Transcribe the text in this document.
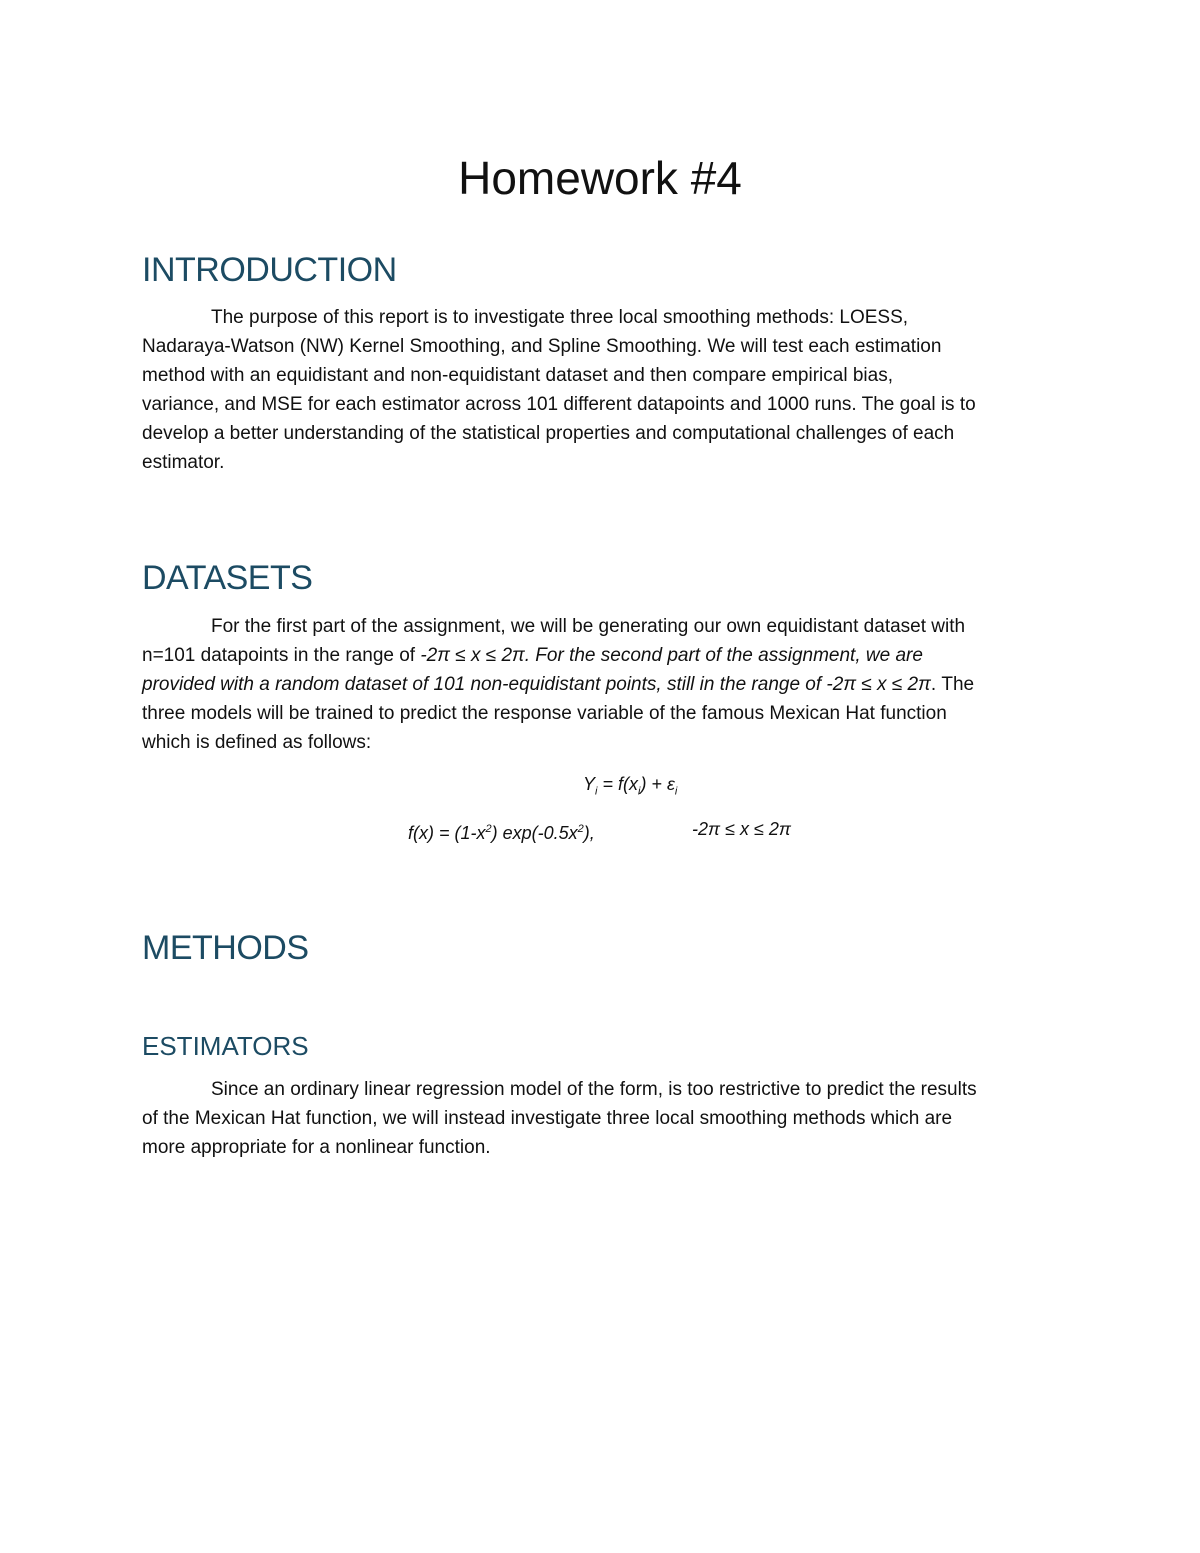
Homework #4
INTRODUCTION
The purpose of this report is to investigate three local smoothing methods: LOESS,
Nadaraya-Watson (NW) Kernel Smoothing, and Spline Smoothing. We will test each estimation
method with an equidistant and non-equidistant dataset and then compare empirical bias,
variance, and MSE for each estimator across 101 different datapoints and 1000 runs. The goal is to
develop a better understanding of the statistical properties and computational challenges of each
estimator.
DATASETS
For the first part of the assignment, we will be generating our own equidistant dataset with
n=101 datapoints in the range of -2π ≤ x ≤ 2π. For the second part of the assignment, we are
provided with a random dataset of 101 non-equidistant points, still in the range of -2π ≤ x ≤ 2π. The
three models will be trained to predict the response variable of the famous Mexican Hat function
which is defined as follows:
$Y_i = f(x_i) + \varepsilon_i$
$f(x) = (1-x^2)$ $\exp(-0.5x^2)$,	-2π ≤ x ≤ 2π
METHODS
ESTIMATORS
Since an ordinary linear regression model of the form, is too restrictive to predict the results
of the Mexican Hat function, we will instead investigate three local smoothing methods which are
more appropriate for a nonlinear function.
